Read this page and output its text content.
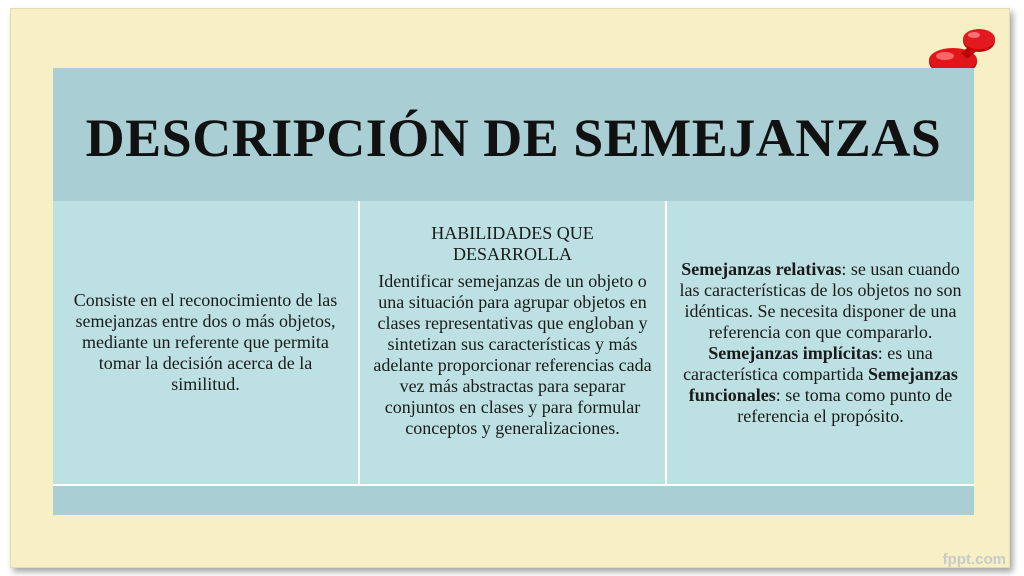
DESCRIPCIÓN DE SEMEJANZAS
Consiste en el reconocimiento de las semejanzas entre dos o más objetos, mediante un referente que permita tomar la decisión acerca de la similitud.
HABILIDADES QUE DESARROLLA
Identificar semejanzas de un objeto o una situación para agrupar objetos en clases representativas que engloban y sintetizan sus características y más adelante proporcionar referencias cada vez más abstractas para separar conjuntos en clases y para formular conceptos y generalizaciones.
Semejanzas relativas: se usan cuando las características de los objetos no son idénticas. Se necesita disponer de una referencia con que compararlo. Semejanzas implícitas: es una característica compartida Semejanzas funcionales: se toma como punto de referencia el propósito.
fppt.com
